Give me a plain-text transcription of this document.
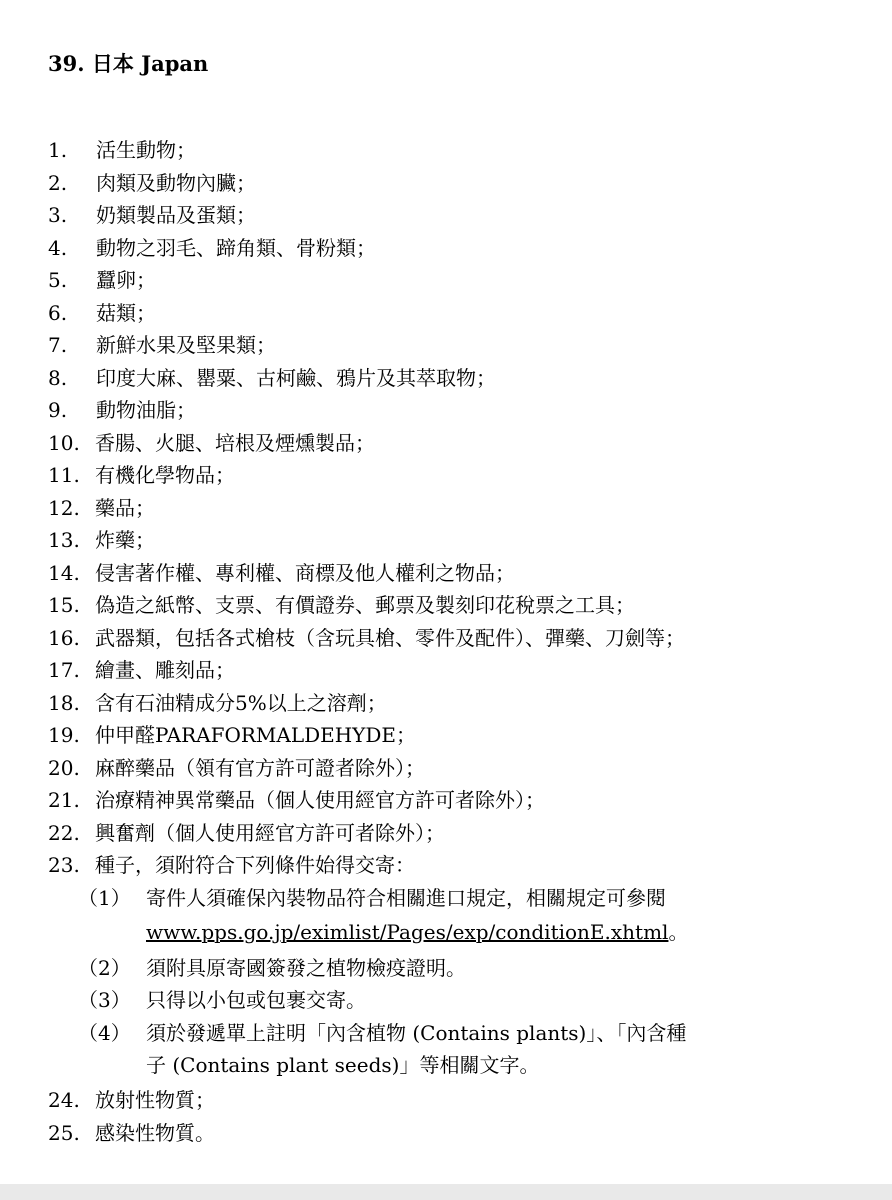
39. 日本 Japan
1. 活生動物；
2. 肉類及動物內臟；
3. 奶類製品及蛋類；
4. 動物之羽毛、蹄角類、骨粉類；
5. 蠶卵；
6. 菇類；
7. 新鮮水果及堅果類；
8. 印度大麻、罌粟、古柯鹼、鴉片及其萃取物；
9. 動物油脂；
10. 香腸、火腿、培根及煙燻製品；
11. 有機化學物品；
12. 藥品；
13. 炸藥；
14. 侵害著作權、專利權、商標及他人權利之物品；
15. 偽造之紙幣、支票、有價證券、郵票及製刻印花稅票之工具；
16. 武器類，包括各式槍枝（含玩具槍、零件及配件）、彈藥、刀劍等；
17. 繪畫、雕刻品；
18. 含有石油精成分5%以上之溶劑；
19. 仲甲醛PARAFORMALDEHYDE；
20. 麻醉藥品（領有官方許可證者除外）；
21. 治療精神異常藥品（個人使用經官方許可者除外）；
22. 興奮劑（個人使用經官方許可者除外）；
23. 種子，須附符合下列條件始得交寄：
（1） 寄件人須確保內裝物品符合相關進口規定，相關規定可參閱
www.pps.go.jp/eximlist/Pages/exp/conditionE.xhtml。
（2） 須附具原寄國簽發之植物檢疫證明。
（3） 只得以小包或包裹交寄。
（4） 須於發遞單上註明「內含植物 (Contains plants)」、「內含種
子 (Contains plant seeds)」等相關文字。
24. 放射性物質；
25. 感染性物質。
